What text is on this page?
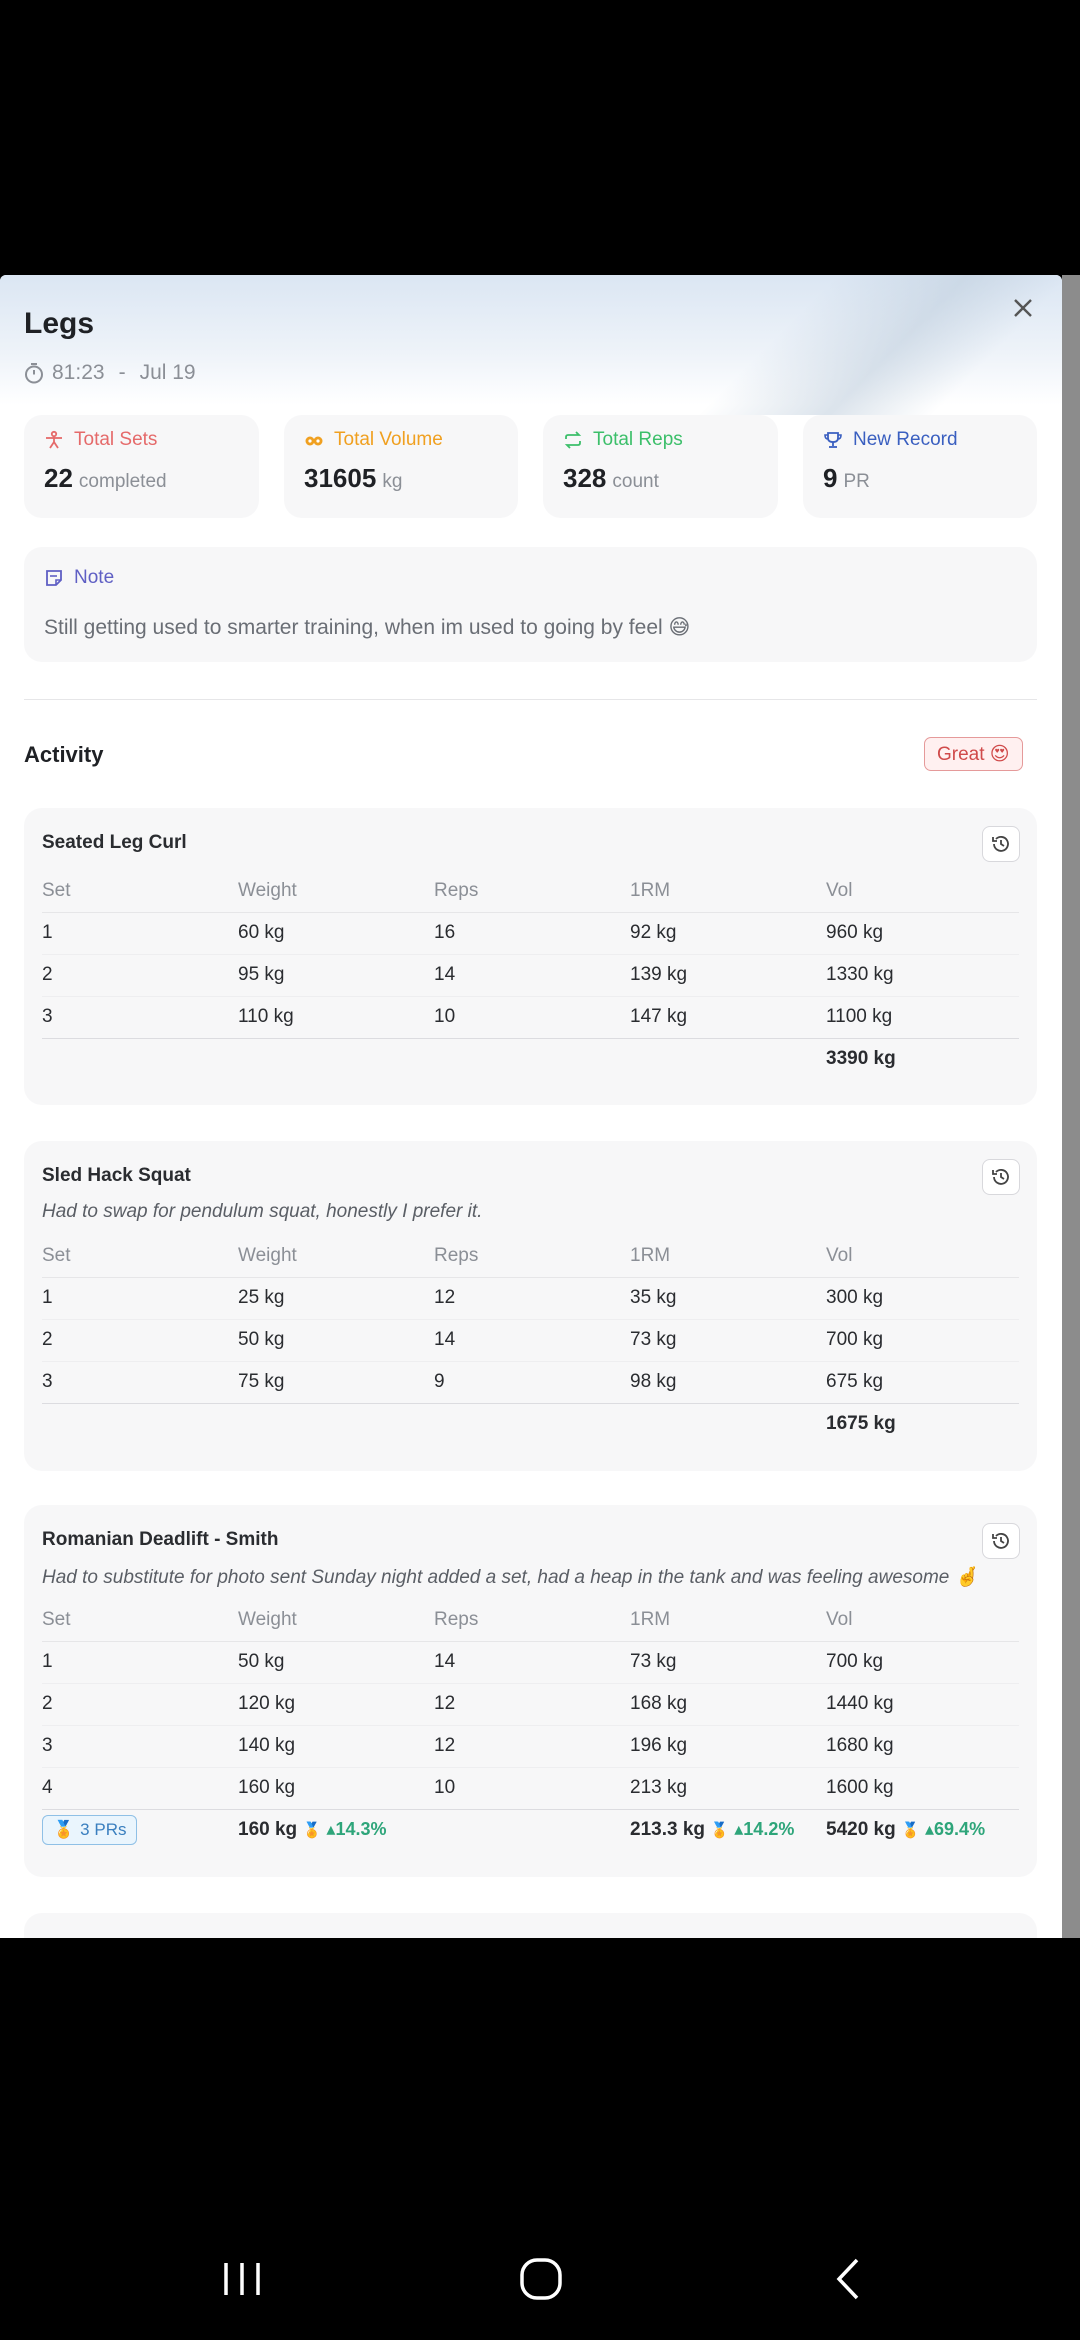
Legs
81:23 - Jul 19
Total Sets
22 completed
Total Volume
31605 kg
Total Reps
328 count
New Record
9 PR
Note
Still getting used to smarter training, when im used to going by feel 😅
Activity	Great 😍
Seated Leg Curl
Set	Weight	Reps	1RM	Vol
1	60 kg	16	92 kg	960 kg
2	95 kg	14	139 kg	1330 kg
3	110 kg	10	147 kg	1100 kg
				3390 kg
Sled Hack Squat
Had to swap for pendulum squat, honestly I prefer it.
Set	Weight	Reps	1RM	Vol
1	25 kg	12	35 kg	300 kg
2	50 kg	14	73 kg	700 kg
3	75 kg	9	98 kg	675 kg
				1675 kg
Romanian Deadlift - Smith
Had to substitute for photo sent Sunday night added a set, had a heap in the tank and was feeling awesome 🤞
Set	Weight	Reps	1RM	Vol
1	50 kg	14	73 kg	700 kg
2	120 kg	12	168 kg	1440 kg
3	140 kg	12	196 kg	1680 kg
4	160 kg	10	213 kg	1600 kg

🏅 3 PRs	160 kg 🏅 ▴14.3%		213.3 kg 🏅 ▴14.2%	5420 kg 🏅 ▴69.4%
